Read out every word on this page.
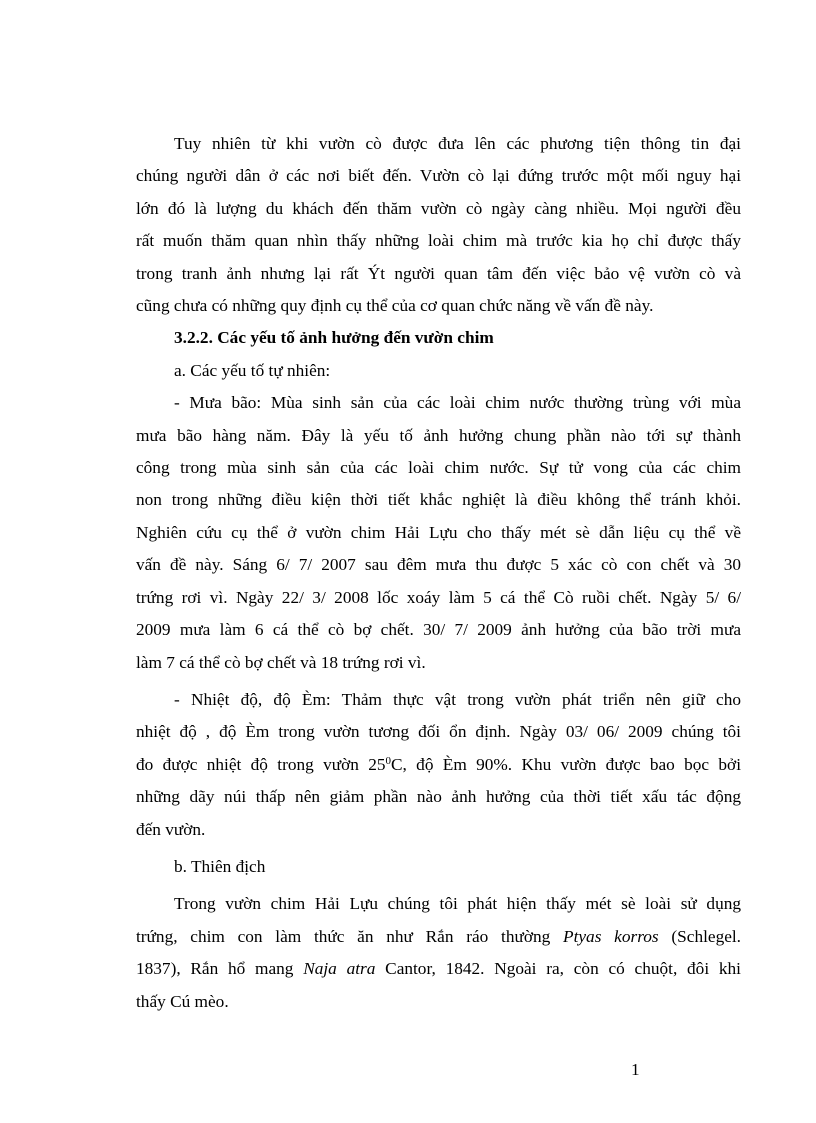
Tuy nhiên từ khi vườn cò được đưa lên các phương tiện thông tin đại

chúng người dân ở các nơi biết đến. Vườn cò lại đứng trước một mối nguy hại

lớn đó là lượng du khách đến thăm vườn cò ngày càng nhiều. Mọi người đều

rất muốn thăm quan nhìn thấy những loài chim mà trước kia họ chỉ được thấy

trong tranh ảnh nhưng lại rất Ýt người quan tâm đến việc bảo vệ vườn cò và

cũng chưa có những quy định cụ thể của cơ quan chức năng về vấn đề này.

3.2.2. Các yếu tố ảnh hưởng đến vườn chim

a. Các yếu tố tự nhiên:

- Mưa bão: Mùa sinh sản của các loài chim nước thường trùng với mùa

mưa bão hàng năm. Đây là yếu tố ảnh hưởng chung phần nào tới sự thành

công trong mùa sinh sản của các loài chim nước. Sự tử vong của các chim

non trong những điều kiện thời tiết khắc nghiệt là điều không thể tránh khỏi.

Nghiên cứu cụ thể ở vườn chim Hải Lựu cho thấy mét sè dẫn liệu cụ thể về

vấn đề này. Sáng 6/ 7/ 2007 sau đêm mưa thu được 5 xác cò con chết và 30

trứng rơi vì. Ngày 22/ 3/ 2008 lốc xoáy làm 5 cá thể Cò ruồi chết. Ngày 5/ 6/

2009 mưa làm 6 cá thể cò bợ chết. 30/ 7/ 2009 ảnh hưởng của bão trời mưa

làm 7 cá thể cò bợ chết và 18 trứng rơi vì.

- Nhiệt độ, độ Èm: Thảm thực vật trong vườn phát triển nên giữ cho

nhiệt độ , độ Èm trong vườn tương đối ổn định. Ngày 03/ 06/ 2009 chúng tôi

đo được nhiệt độ trong vườn $25^0C$, độ Èm 90%. Khu vườn được bao bọc bởi

những dãy núi thấp nên giảm phần nào ảnh hưởng của thời tiết xấu tác động

đến vườn.

b. Thiên địch

Trong vườn chim Hải Lựu chúng tôi phát hiện thấy mét sè loài sử dụng

trứng, chim con làm thức ăn như Rắn ráo thường Ptyas korros (Schlegel.

1837), Rắn hổ mang Naja atra Cantor, 1842. Ngoài ra, còn có chuột, đôi khi

thấy Cú mèo.

1
